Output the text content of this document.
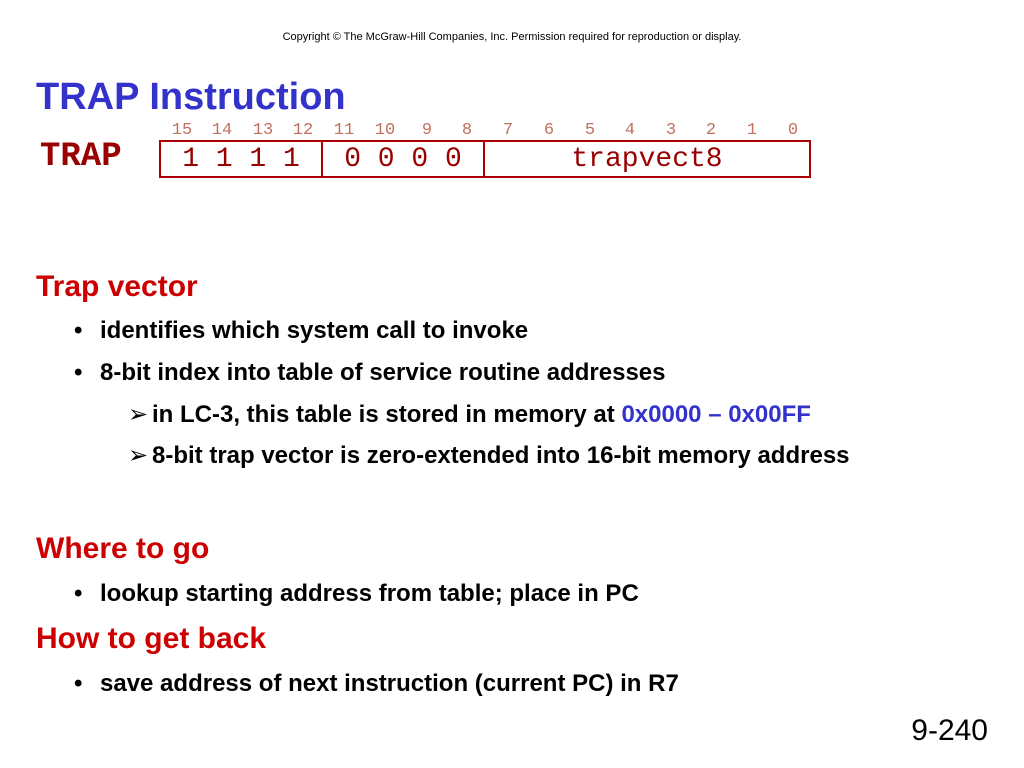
Copyright © The McGraw-Hill Companies, Inc. Permission required for reproduction or display.
TRAP Instruction
15 14 13 12 11 10 9 8 7 6 5 4 3 2 1 0
TRAP	1 1 1 1	0 0 0 0	trapvect8
Trap vector
• identifies which system call to invoke
• 8-bit index into table of service routine addresses
➢ in LC-3, this table is stored in memory at 0x0000 – 0x00FF
➢ 8-bit trap vector is zero-extended into 16-bit memory address
Where to go
• lookup starting address from table; place in PC
How to get back
• save address of next instruction (current PC) in R7
9-240
